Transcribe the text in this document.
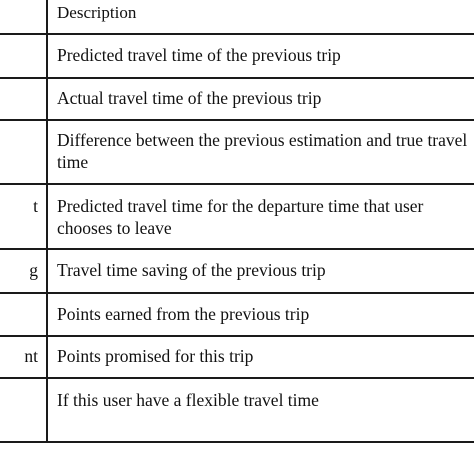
Description
Predicted travel time of the previous trip
Actual travel time of the previous trip
Difference between the previous estimation and true travel time
t Predicted travel time for the departure time that user chooses to leave
g Travel time saving of the previous trip
Points earned from the previous trip
nt Points promised for this trip
If this user have a flexible travel time
